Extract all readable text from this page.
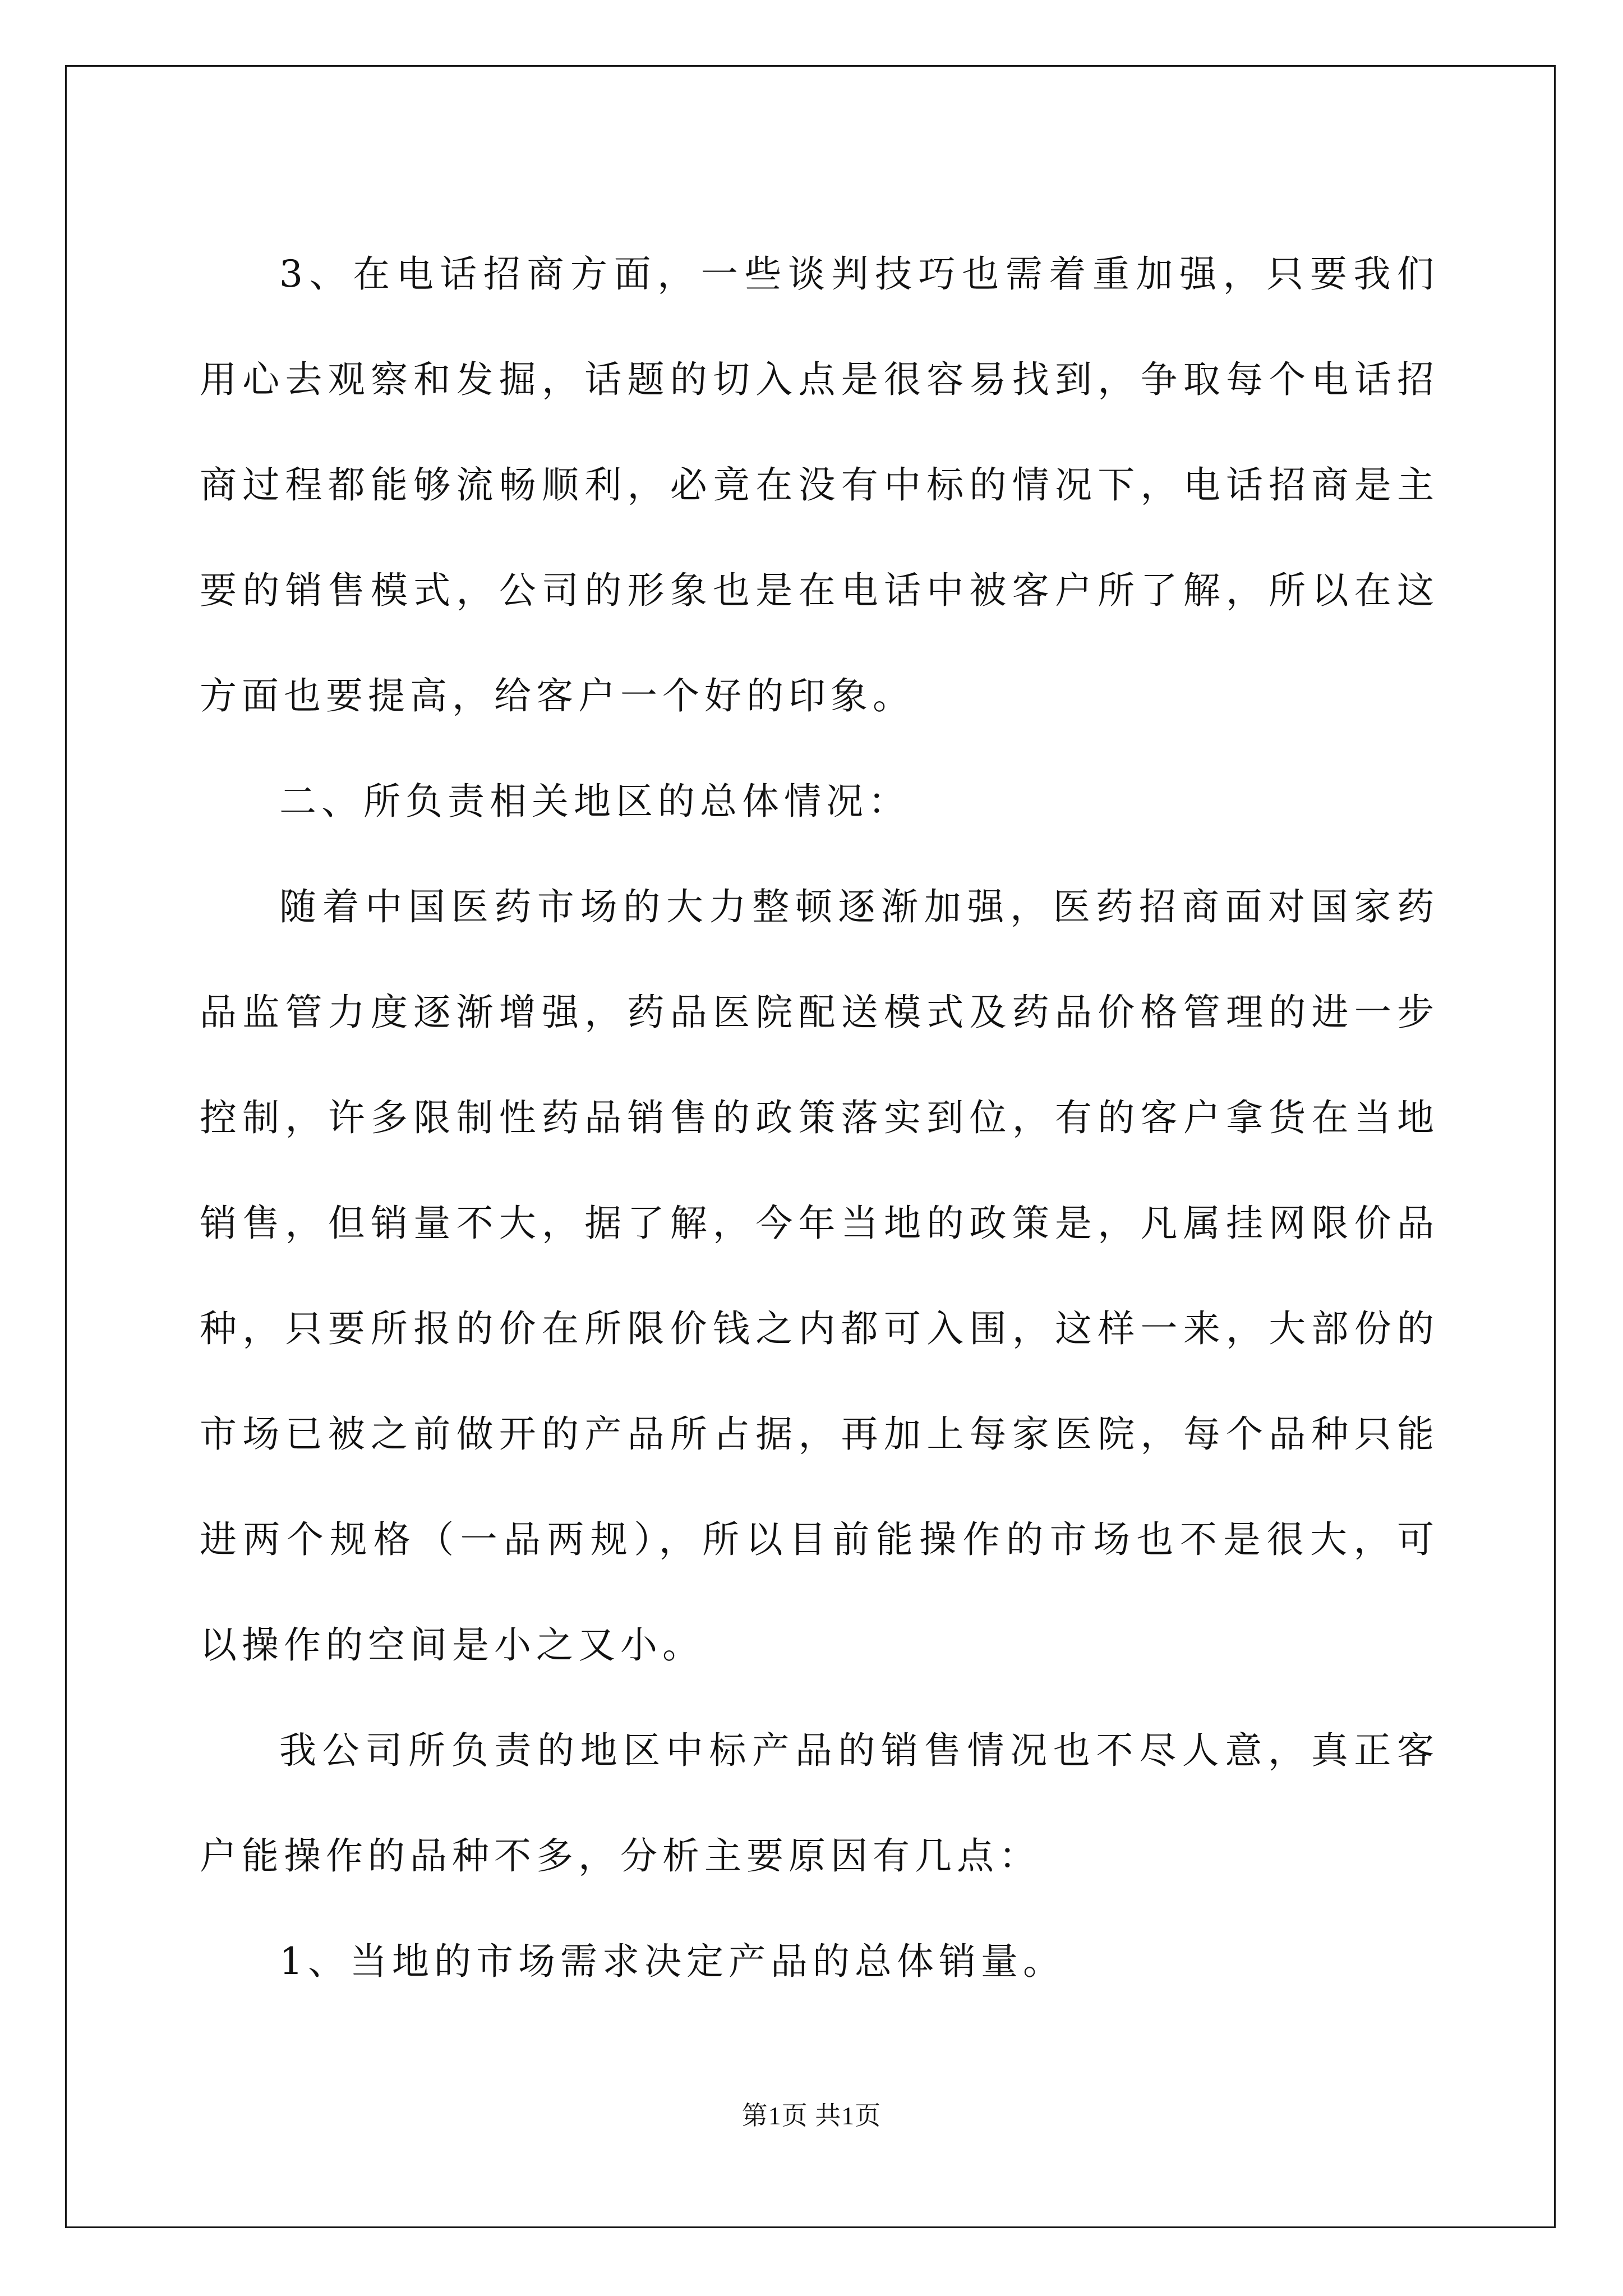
3、在电话招商方面，一些谈判技巧也需着重加强，只要我们用心去观察和发掘，话题的切入点是很容易找到，争取每个电话招商过程都能够流畅顺利，必竟在没有中标的情况下，电话招商是主要的销售模式，公司的形象也是在电话中被客户所了解，所以在这方面也要提高，给客户一个好的印象。

二、所负责相关地区的总体情况：

随着中国医药市场的大力整顿逐渐加强，医药招商面对国家药品监管力度逐渐增强，药品医院配送模式及药品价格管理的进一步控制，许多限制性药品销售的政策落实到位，有的客户拿货在当地销售，但销量不大，据了解，今年当地的政策是，凡属挂网限价品种，只要所报的价在所限价钱之内都可入围，这样一来，大部份的市场已被之前做开的产品所占据，再加上每家医院，每个品种只能进两个规格（一品两规），所以目前能操作的市场也不是很大，可以操作的空间是小之又小。

我公司所负责的地区中标产品的销售情况也不尽人意，真正客户能操作的品种不多，分析主要原因有几点：

1、当地的市场需求决定产品的总体销量。

第1页 共1页
